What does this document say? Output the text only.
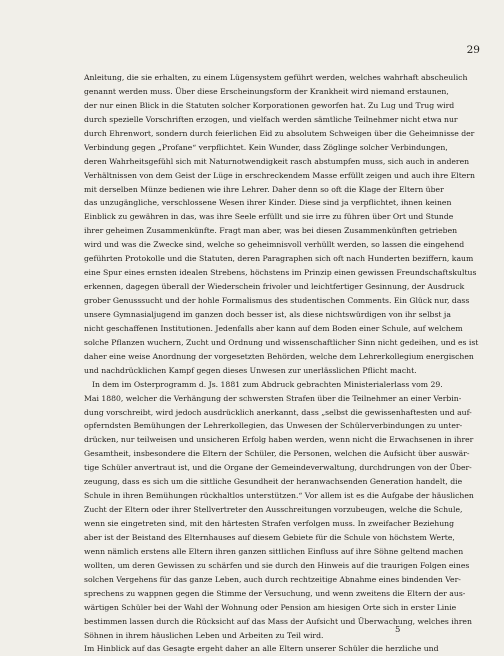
29
Anleitung, die sie erhalten, zu einem Lügensystem geführt werden, welches wahrhaft abscheulich
genannt werden muss. Über diese Erscheinungsform der Krankheit wird niemand erstaunen,
der nur einen Blick in die Statuten solcher Korporationen geworfen hat. Zu Lug und Trug wird
durch spezielle Vorschriften erzogen, und vielfach werden sämtliche Teilnehmer nicht etwa nur
durch Ehrenwort, sondern durch feierlichen Eid zu absolutem Schweigen über die Geheimnisse der
Verbindung gegen „Profane“ verpflichtet. Kein Wunder, dass Zöglinge solcher Verbindungen,
deren Wahrheitsgefühl sich mit Naturnotwendigkeit rasch abstumpfen muss, sich auch in anderen
Verhältnissen von dem Geist der Lüge in erschreckendem Masse erfüllt zeigen und auch ihre Eltern
mit derselben Münze bedienen wie ihre Lehrer. Daher denn so oft die Klage der Eltern über
das unzugängliche, verschlossene Wesen ihrer Kinder. Diese sind ja verpflichtet, ihnen keinen
Einblick zu gewähren in das, was ihre Seele erfüllt und sie irre zu führen über Ort und Stunde
ihrer geheimen Zusammenkünfte. Fragt man aber, was bei diesen Zusammenkünften getrieben
wird und was die Zwecke sind, welche so geheimnisvoll verhüllt werden, so lassen die eingehend
geführten Protokolle und die Statuten, deren Paragraphen sich oft nach Hunderten beziffern, kaum
eine Spur eines ernsten idealen Strebens, höchstens im Prinzip einen gewissen Freundschaftskultus
erkennen, dagegen überall der Wiederschein frivoler und leichtfertiger Gesinnung, der Ausdruck
grober Genusssucht und der hohle Formalismus des studentischen Comments. Ein Glück nur, dass
unsere Gymnasialjugend im ganzen doch besser ist, als diese nichtswürdigen von ihr selbst ja
nicht geschaffenen Institutionen. Jedenfalls aber kann auf dem Boden einer Schule, auf welchem
solche Pflanzen wuchern, Zucht und Ordnung und wissenschaftlicher Sinn nicht gedeihen, und es ist
daher eine weise Anordnung der vorgesetzten Behörden, welche dem Lehrerkollegium energischen
und nachdrücklichen Kampf gegen dieses Unwesen zur unerlässlichen Pflicht macht.
In dem im Osterprogramm d. Js. 1881 zum Abdruck gebrachten Ministerialerlass vom 29.
Mai 1880, welcher die Verhängung der schwersten Strafen über die Teilnehmer an einer Verbin-
dung vorschreibt, wird jedoch ausdrücklich anerkannt, dass „selbst die gewissenhaftesten und auf-
opferndsten Bemühungen der Lehrerkollegien, das Unwesen der Schülerverbindungen zu unter-
drücken, nur teilweisen und unsicheren Erfolg haben werden, wenn nicht die Erwachsenen in ihrer
Gesamtheit, insbesondere die Eltern der Schüler, die Personen, welchen die Aufsicht über auswär-
tige Schüler anvertraut ist, und die Organe der Gemeindeverwaltung, durchdrungen von der Über-
zeugung, dass es sich um die sittliche Gesundheit der heranwachsenden Generation handelt, die
Schule in ihren Bemühungen rückhaltlos unterstützen.“ Vor allem ist es die Aufgabe der häuslichen
Zucht der Eltern oder ihrer Stellvertreter den Ausschreitungen vorzubeugen, welche die Schule,
wenn sie eingetreten sind, mit den härtesten Strafen verfolgen muss. In zweifacher Beziehung
aber ist der Beistand des Elternhauses auf diesem Gebiete für die Schule von höchstem Werte,
wenn nämlich erstens alle Eltern ihren ganzen sittlichen Einfluss auf ihre Söhne geltend machen
wollten, um deren Gewissen zu schärfen und sie durch den Hinweis auf die traurigen Folgen eines
solchen Vergehens für das ganze Leben, auch durch rechtzeitige Abnahme eines bindenden Ver-
sprechens zu wappnen gegen die Stimme der Versuchung, und wenn zweitens die Eltern der aus-
wärtigen Schüler bei der Wahl der Wohnung oder Pension am hiesigen Orte sich in erster Linie
bestimmen lassen durch die Rücksicht auf das Mass der Aufsicht und Überwachung, welches ihren
Söhnen in ihrem häuslichen Leben und Arbeiten zu Teil wird.
Im Hinblick auf das Gesagte ergeht daher an alle Eltern unserer Schüler die herzliche und
5
